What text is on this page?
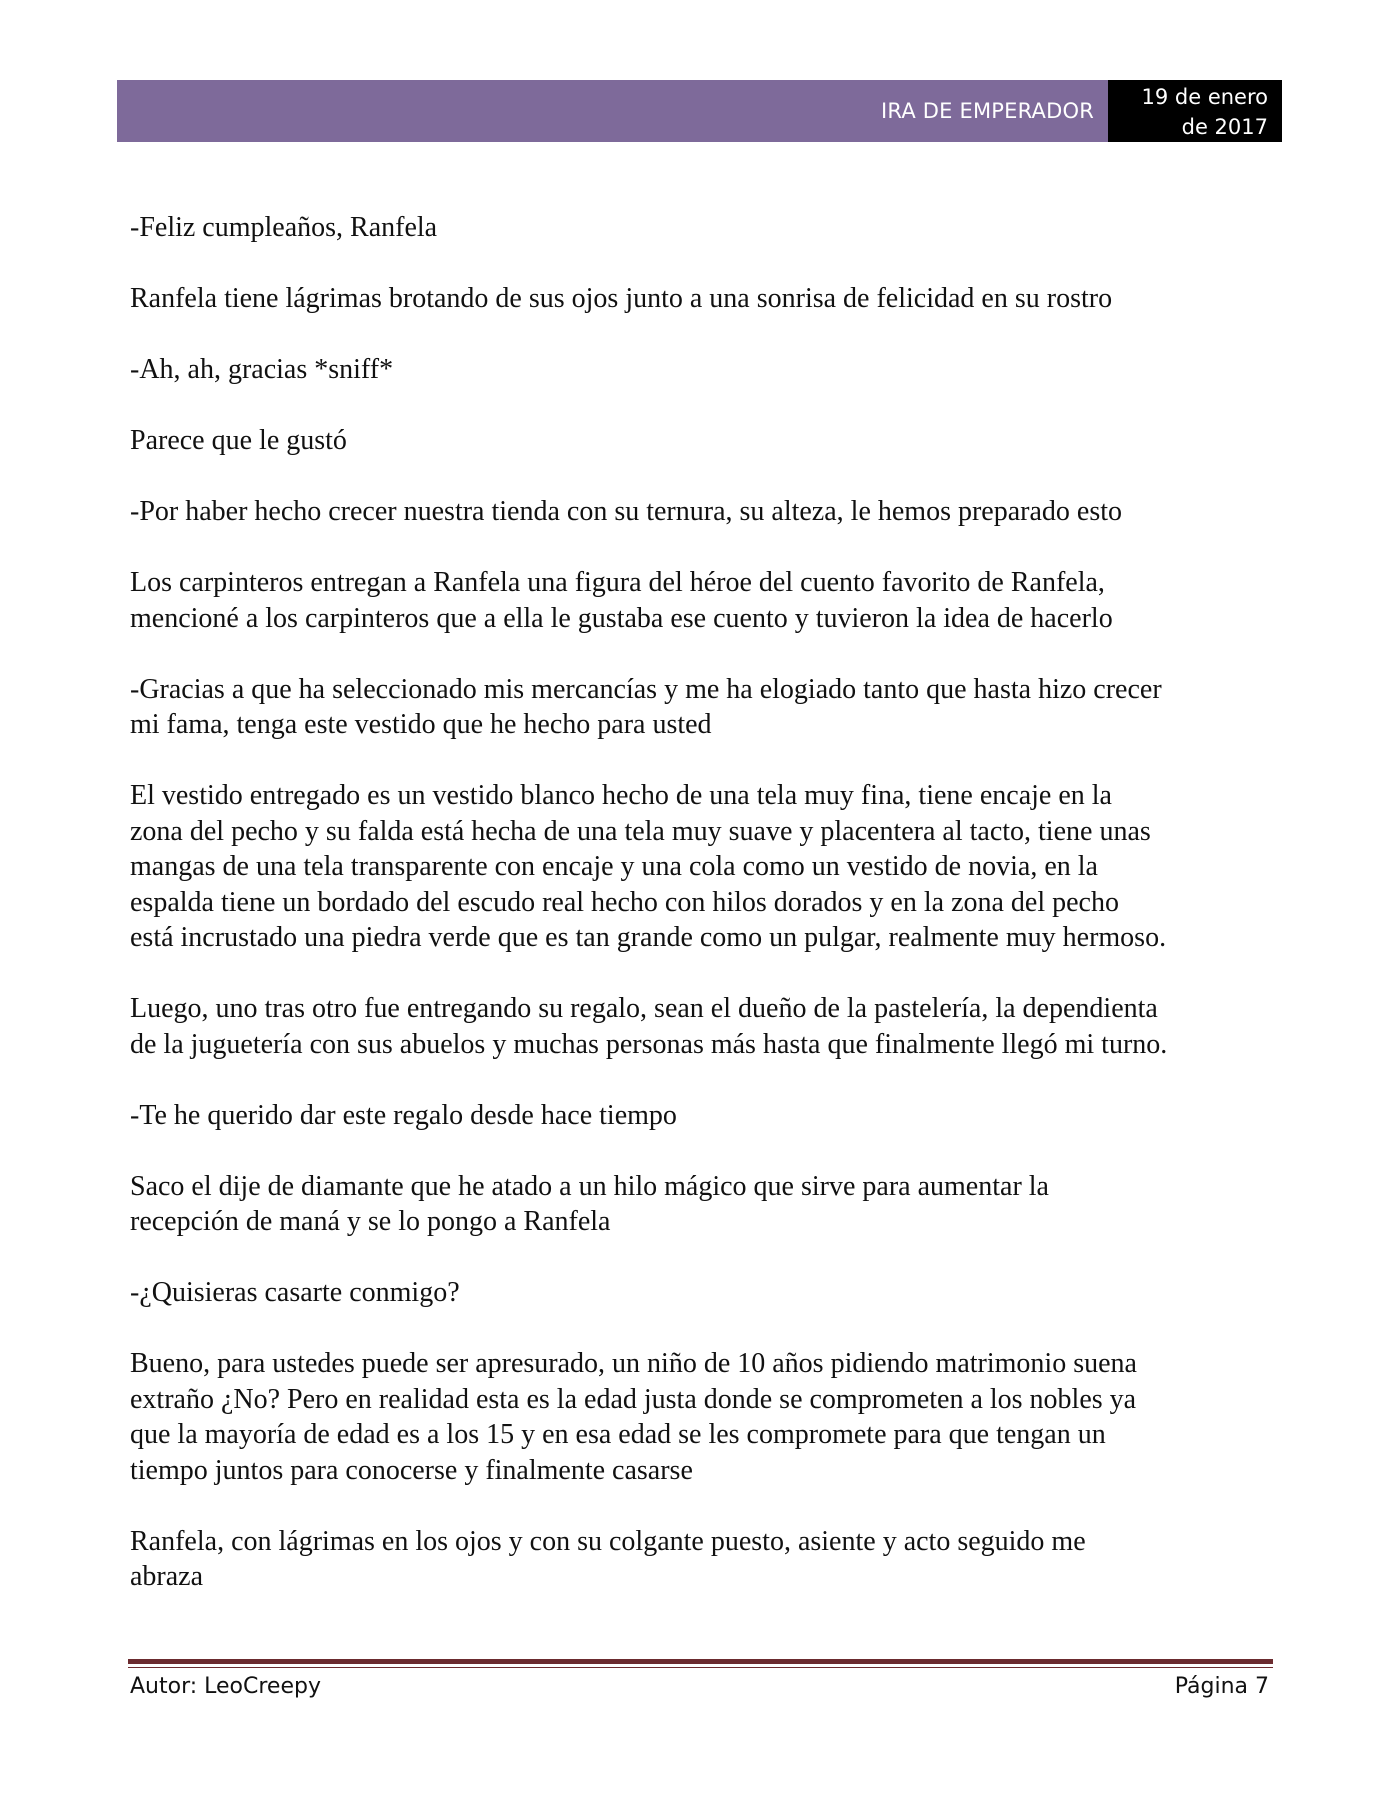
IRA DE EMPERADOR
19 de enero
de 2017

-Feliz cumpleaños, Ranfela

Ranfela tiene lágrimas brotando de sus ojos junto a una sonrisa de felicidad en su rostro

-Ah, ah, gracias *sniff*

Parece que le gustó

-Por haber hecho crecer nuestra tienda con su ternura, su alteza, le hemos preparado esto

Los carpinteros entregan a Ranfela una figura del héroe del cuento favorito de Ranfela,
mencioné a los carpinteros que a ella le gustaba ese cuento y tuvieron la idea de hacerlo

-Gracias a que ha seleccionado mis mercancías y me ha elogiado tanto que hasta hizo crecer
mi fama, tenga este vestido que he hecho para usted

El vestido entregado es un vestido blanco hecho de una tela muy fina, tiene encaje en la
zona del pecho y su falda está hecha de una tela muy suave y placentera al tacto, tiene unas
mangas de una tela transparente con encaje y una cola como un vestido de novia, en la
espalda tiene un bordado del escudo real hecho con hilos dorados y en la zona del pecho
está incrustado una piedra verde que es tan grande como un pulgar, realmente muy hermoso.

Luego, uno tras otro fue entregando su regalo, sean el dueño de la pastelería, la dependienta
de la juguetería con sus abuelos y muchas personas más hasta que finalmente llegó mi turno.

-Te he querido dar este regalo desde hace tiempo

Saco el dije de diamante que he atado a un hilo mágico que sirve para aumentar la
recepción de maná y se lo pongo a Ranfela

-¿Quisieras casarte conmigo?

Bueno, para ustedes puede ser apresurado, un niño de 10 años pidiendo matrimonio suena
extraño ¿No? Pero en realidad esta es la edad justa donde se comprometen a los nobles ya
que la mayoría de edad es a los 15 y en esa edad se les compromete para que tengan un
tiempo juntos para conocerse y finalmente casarse

Ranfela, con lágrimas en los ojos y con su colgante puesto, asiente y acto seguido me
abraza

Autor: LeoCreepy	Página 7
